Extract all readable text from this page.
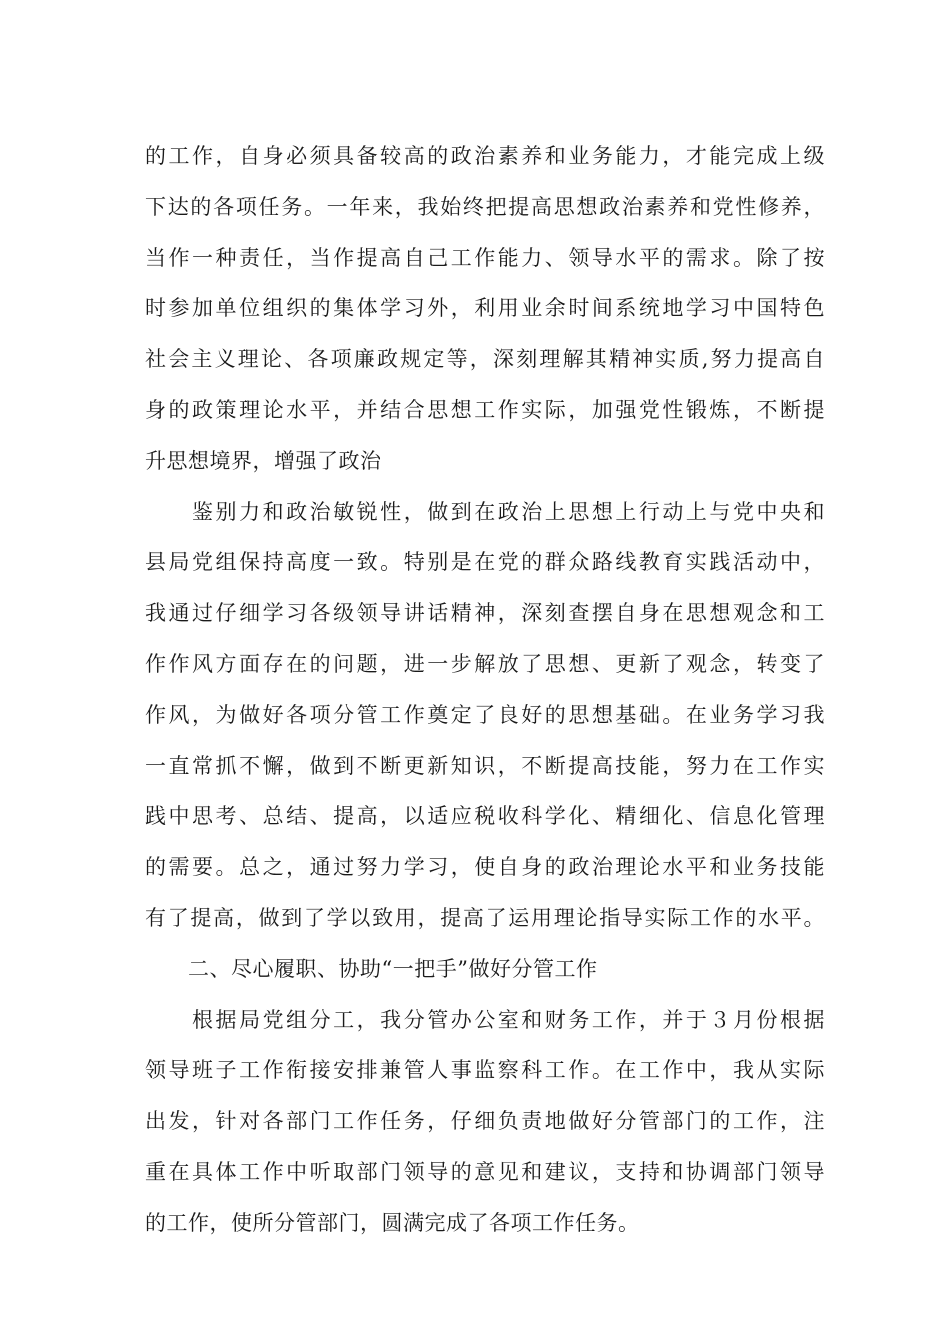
的工作，自身必须具备较高的政治素养和业务能力，才能完成上级
下达的各项任务。一年来，我始终把提高思想政治素养和党性修养，
当作一种责任，当作提高自己工作能力、领导水平的需求。除了按
时参加单位组织的集体学习外，利用业余时间系统地学习中国特色
社会主义理论、各项廉政规定等，深刻理解其精神实质,努力提高自
身的政策理论水平，并结合思想工作实际，加强党性锻炼，不断提
升思想境界，增强了政治
　　鉴别力和政治敏锐性，做到在政治上思想上行动上与党中央和
县局党组保持高度一致。特别是在党的群众路线教育实践活动中，
我通过仔细学习各级领导讲话精神，深刻查摆自身在思想观念和工
作作风方面存在的问题，进一步解放了思想、更新了观念，转变了
作风，为做好各项分管工作奠定了良好的思想基础。在业务学习我
一直常抓不懈，做到不断更新知识，不断提高技能，努力在工作实
践中思考、总结、提高，以适应税收科学化、精细化、信息化管理
的需要。总之，通过努力学习，使自身的政治理论水平和业务技能
有了提高，做到了学以致用，提高了运用理论指导实际工作的水平。
　　二、尽心履职、协助“一把手”做好分管工作
　　根据局党组分工，我分管办公室和财务工作，并于３月份根据
领导班子工作衔接安排兼管人事监察科工作。在工作中，我从实际
出发，针对各部门工作任务，仔细负责地做好分管部门的工作，注
重在具体工作中听取部门领导的意见和建议，支持和协调部门领导
的工作，使所分管部门，圆满完成了各项工作任务。
